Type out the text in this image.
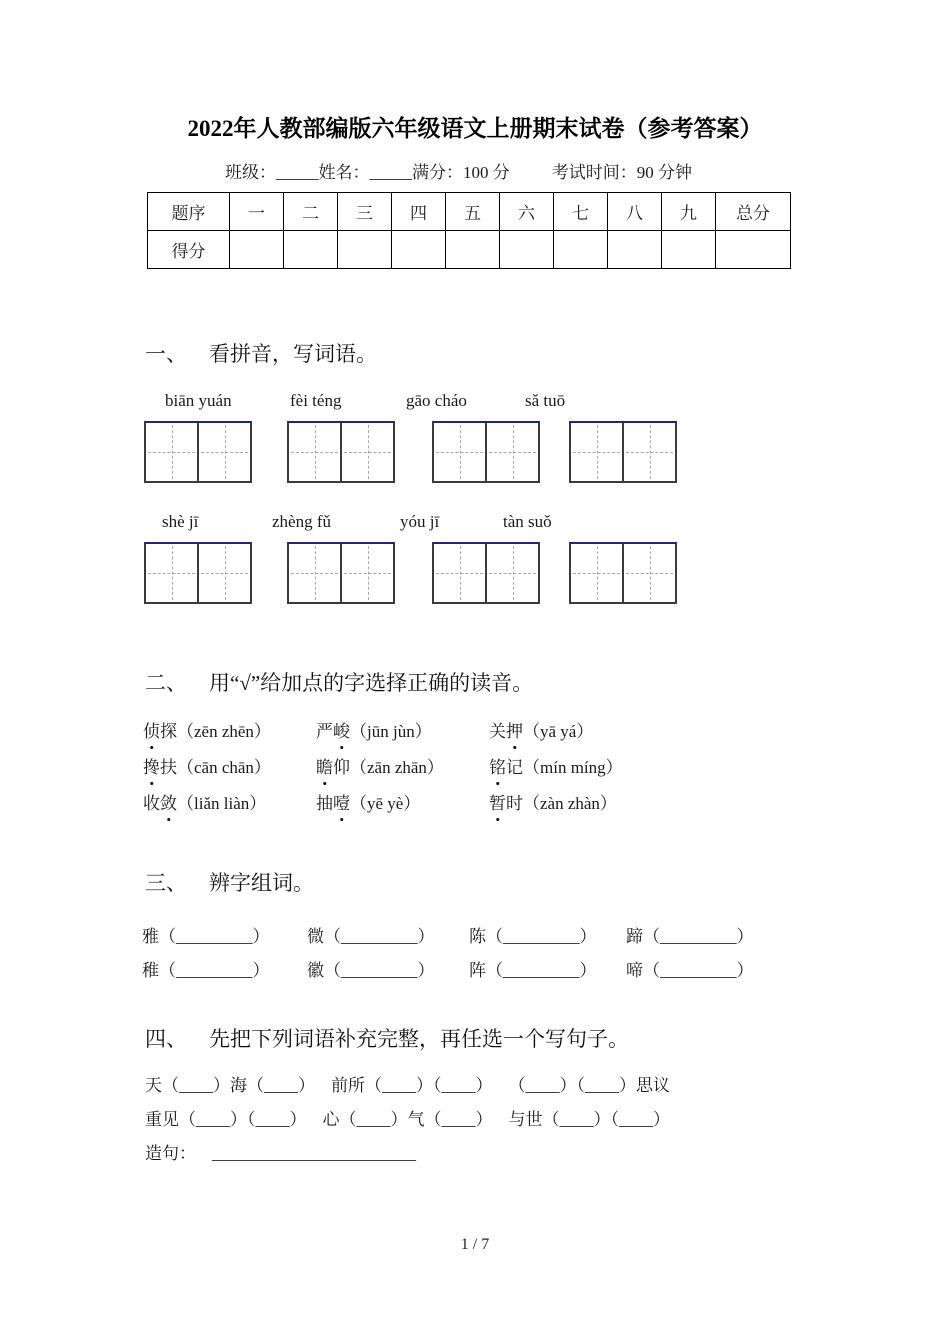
2022年人教部编版六年级语文上册期末试卷（参考答案）
班级：_____姓名：_____满分：100 分 考试时间：90 分钟
题序	一	二	三	四	五	六	七	八	九	总分
得分										
一、 看拼音，写词语。
biān yuán	fèi téng	gāo cháo	sǎ tuō
shè jī	zhèng fǔ	yóu jī	tàn suǒ
二、 用“√”给加点的字选择正确的读音。
侦探（zēn zhēn）	严峻（jūn jùn）	关押（yā yá）
搀扶（cān chān）	瞻仰（zān zhān）	铭记（mín míng）
收敛（liǎn liàn）	抽噎（yē yè）	暂时（zàn zhàn）
三、 辨字组词。
雅（_________）	微（_________）	陈（_________）	蹄（_________）
稚（_________）	徽（_________）	阵（_________）	啼（_________）
四、 先把下列词语补充完整，再任选一个写句子。
天（____）海（____） 前所（____）（____） （____）（____）思议
重见（____）（____） 心（____）气（____） 与世（____）（____）
造句： ________________________
1 / 7
